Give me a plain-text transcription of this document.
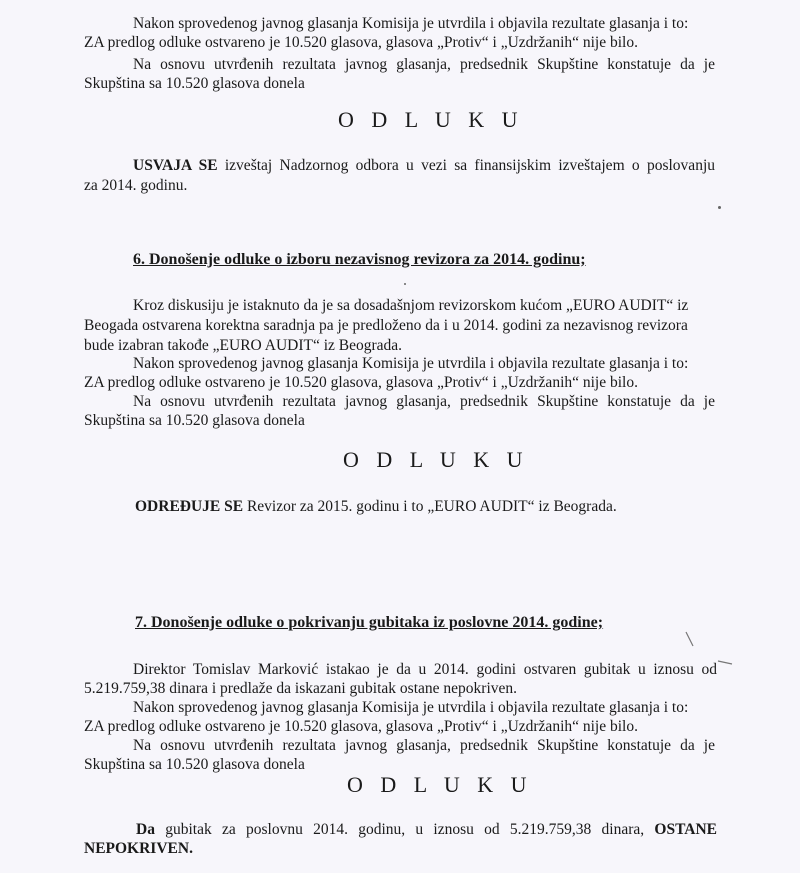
Nakon sprovedenog javnog glasanja Komisija je utvrdila i objavila rezultate glasanja i to:
ZA predlog odluke ostvareno je 10.520 glasova, glasova „Protiv“ i „Uzdržanih“ nije bilo.
Na osnovu utvrđenih rezultata javnog glasanja, predsednik Skupštine konstatuje da je
Skupština sa 10.520 glasova donela
O D L U K U
USVAJA SE izveštaj Nadzornog odbora u vezi sa finansijskim izveštajem o poslovanju
za 2014. godinu.
6. Donošenje odluke o izboru nezavisnog revizora za 2014. godinu;
Kroz diskusiju je istaknuto da je sa dosadašnjom revizorskom kućom „EURO AUDIT“ iz
Beogada ostvarena korektna saradnja pa je predloženo da i u 2014. godini za nezavisnog revizora
bude izabran takođe „EURO AUDIT“ iz Beograda.
Nakon sprovedenog javnog glasanja Komisija je utvrdila i objavila rezultate glasanja i to:
ZA predlog odluke ostvareno je 10.520 glasova, glasova „Protiv“ i „Uzdržanih“ nije bilo.
Na osnovu utvrđenih rezultata javnog glasanja, predsednik Skupštine konstatuje da je
Skupština sa 10.520 glasova donela
O D L U K U
ODREĐUJE SE Revizor za 2015. godinu i to „EURO AUDIT“ iz Beograda.
7. Donošenje odluke o pokrivanju gubitaka iz poslovne 2014. godine;
Direktor Tomislav Marković istakao je da u 2014. godini ostvaren gubitak u iznosu od
5.219.759,38 dinara i predlaže da iskazani gubitak ostane nepokriven.
Nakon sprovedenog javnog glasanja Komisija je utvrdila i objavila rezultate glasanja i to:
ZA predlog odluke ostvareno je 10.520 glasova, glasova „Protiv“ i „Uzdržanih“ nije bilo.
Na osnovu utvrđenih rezultata javnog glasanja, predsednik Skupštine konstatuje da je
Skupština sa 10.520 glasova donela
O D L U K U
Da gubitak za poslovnu 2014. godinu, u iznosu od 5.219.759,38 dinara, OSTANE
NEPOKRIVEN.
